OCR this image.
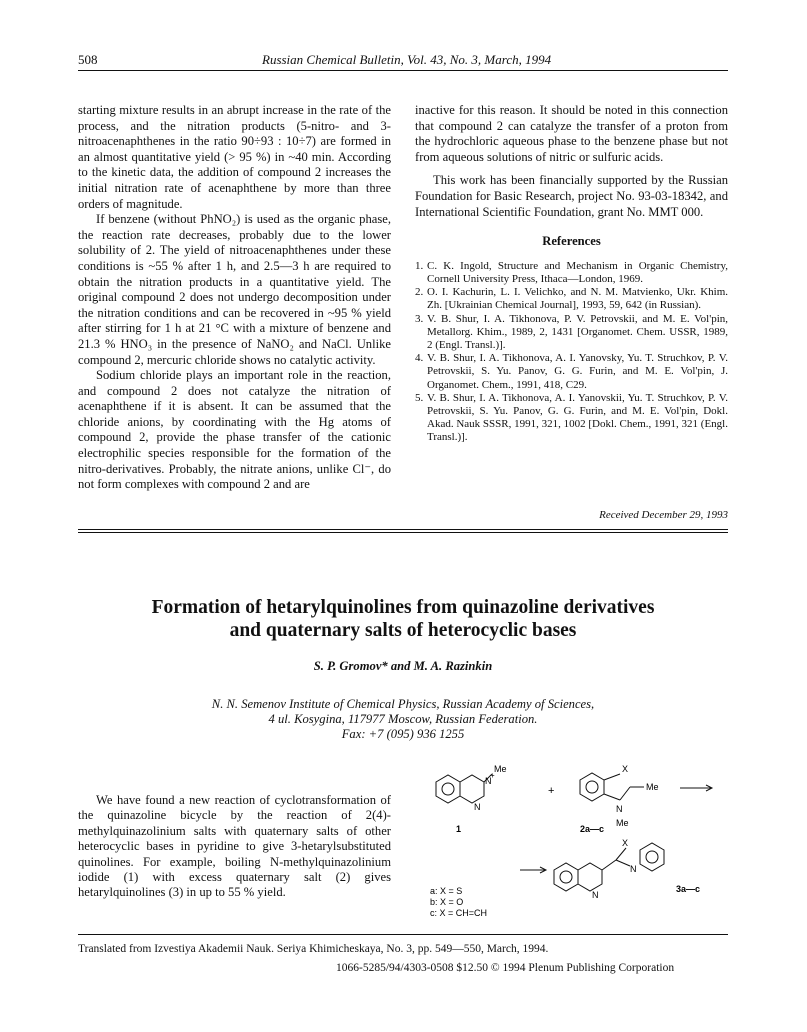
508	Russian Chemical Bulletin, Vol. 43, No. 3, March, 1994

starting mixture results in an abrupt increase in the rate of the process, and the nitration products (5-nitro- and 3-nitroacenaphthenes in the ratio 90÷93 : 10÷7) are formed in an almost quantitative yield (> 95 %) in ~40 min. According to the kinetic data, the addition of compound 2 increases the initial nitration rate of acenaphthene by more than three orders of magnitude.

If benzene (without PhNO₂) is used as the organic phase, the reaction rate decreases, probably due to the lower solubility of 2. The yield of nitroacenaphthenes under these conditions is ~55 % after 1 h, and 2.5—3 h are required to obtain the nitration products in a quantitative yield. The original compound 2 does not undergo decomposition under the nitration conditions and can be recovered in ~95 % yield after stirring for 1 h at 21 °C with a mixture of benzene and 21.3 % HNO₃ in the presence of NaNO₂ and NaCl. Unlike compound 2, mercuric chloride shows no catalytic activity.

Sodium chloride plays an important role in the reaction, and compound 2 does not catalyze the nitration of acenaphthene if it is absent. It can be assumed that the chloride anions, by coordinating with the Hg atoms of compound 2, provide the phase transfer of the cationic electrophilic species responsible for the formation of the nitro-derivatives. Probably, the nitrate anions, unlike Cl⁻, do not form complexes with compound 2 and are

inactive for this reason. It should be noted in this connection that compound 2 can catalyze the transfer of a proton from the hydrochloric aqueous phase to the benzene phase but not from aqueous solutions of nitric or sulfuric acids.

This work has been financially supported by the Russian Foundation for Basic Research, project No. 93-03-18342, and International Scientific Foundation, grant No. MMT 000.

References
1. C. K. Ingold, Structure and Mechanism in Organic Chemistry, Cornell University Press, Ithaca—London, 1969.
2. O. I. Kachurin, L. I. Velichko, and N. M. Matvienko, Ukr. Khim. Zh. [Ukrainian Chemical Journal], 1993, 59, 642 (in Russian).
3. V. B. Shur, I. A. Tikhonova, P. V. Petrovskii, and M. E. Vol'pin, Metallorg. Khim., 1989, 2, 1431 [Organomet. Chem. USSR, 1989, 2 (Engl. Transl.)].
4. V. B. Shur, I. A. Tikhonova, A. I. Yanovsky, Yu. T. Struchkov, P. V. Petrovskii, S. Yu. Panov, G. G. Furin, and M. E. Vol'pin, J. Organomet. Chem., 1991, 418, C29.
5. V. B. Shur, I. A. Tikhonova, A. I. Yanovskii, Yu. T. Struchkov, P. V. Petrovskii, S. Yu. Panov, G. G. Furin, and M. E. Vol'pin, Dokl. Akad. Nauk SSSR, 1991, 321, 1002 [Dokl. Chem., 1991, 321 (Engl. Transl.)].
Received December 29, 1993
Formation of hetarylquinolines from quinazoline derivatives
and quaternary salts of heterocyclic bases
S. P. Gromov* and M. A. Razinkin
N. N. Semenov Institute of Chemical Physics, Russian Academy of Sciences,
4 ul. Kosygina, 117977 Moscow, Russian Federation.
Fax: +7 (095) 936 1255
We have found a new reaction of cyclotransformation of the quinazoline bicycle by the reaction of 2(4)-methylquinazolinium salts with quaternary salts of other heterocyclic bases in pyridine to give 3-hetarylsubstituted quinolines. For example, boiling N-methylquinazolinium iodide (1) with excess quaternary salt (2) gives hetarylquinolines (3) in up to 55 % yield.
N
+
Me
N
1
+
X
N
Me
Me
2a—c
X
N
N
3a—c
a: X = S
b: X = O
c: X = CH=CH
Translated from Izvestiya Akademii Nauk. Seriya Khimicheskaya, No. 3, pp. 549—550, March, 1994.
1066-5285/94/4303-0508 $12.50 © 1994 Plenum Publishing Corporation
